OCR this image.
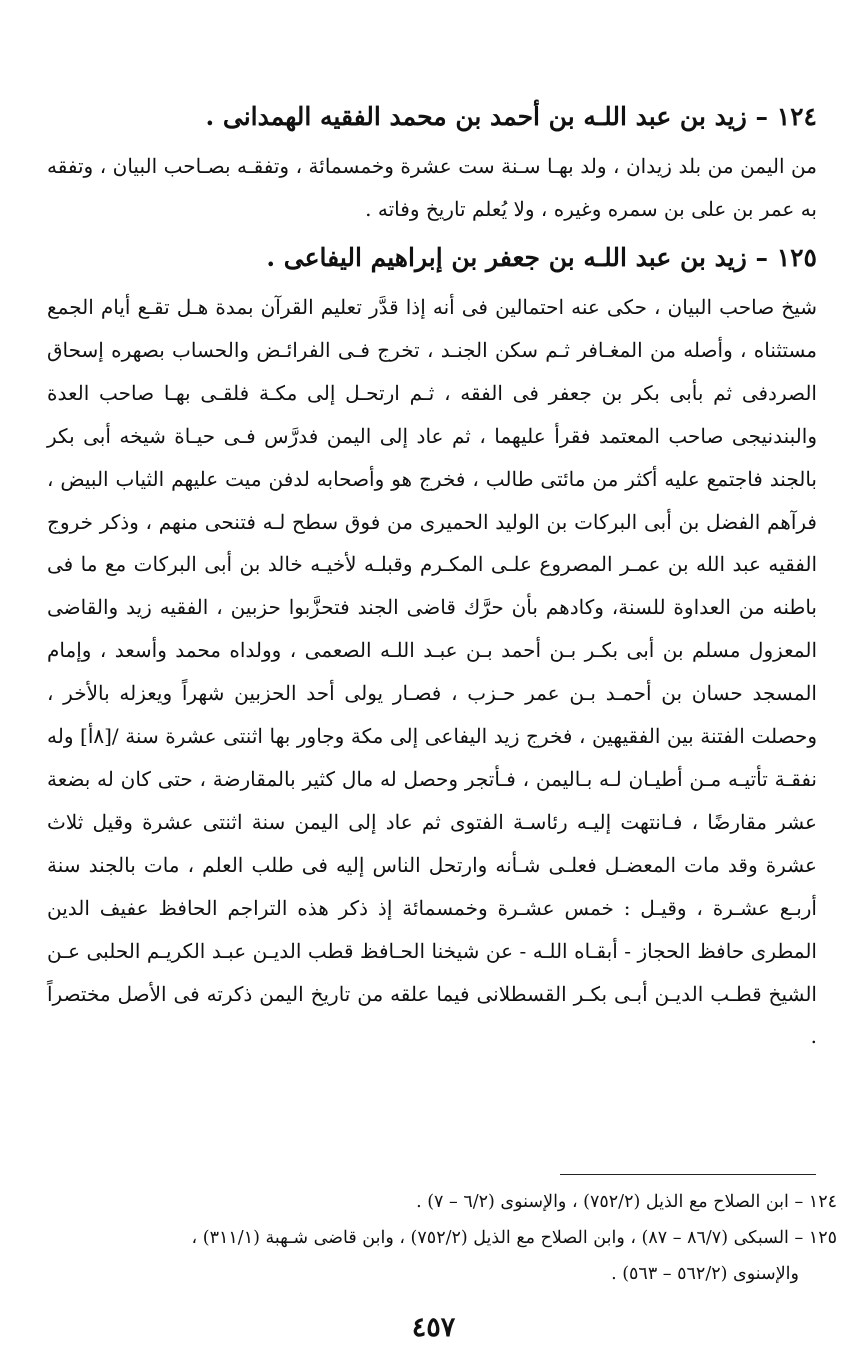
١٢٤ – زيد بن عبد اللـه بن أحمد بن محمد الفقيه الهمدانى .
من اليمن من بلد زيدان ، ولد بهـا سـنة ست عشرة وخمسمائة ، وتفقـه بصـاحب البيان ، وتفقه به عمر بن على بن سمره وغيره ، ولا يُعلم تاريخ وفاته .
١٢٥ – زيد بن عبد اللـه بن جعفر بن إبراهيم اليفاعى .
شيخ صاحب البيان ، حكى عنه احتمالين فى أنه إذا قدَّر تعليم القرآن بمدة هـل تقـع أيام الجمع مستثناه ، وأصله من المغـافر ثـم سكن الجنـد ، تخرج فـى الفرائـض والحساب بصهره إسحاق الصردفى ثم بأبى بكر بن جعفر فى الفقه ، ثـم ارتحـل إلى مكـة فلقـى بهـا صاحب العدة والبندنيجى صاحب المعتمد فقرأ عليهما ، ثم عاد إلى اليمن فدرَّس فـى حيـاة شيخه أبى بكر بالجند فاجتمع عليه أكثر من مائتى طالب ، فخرج هو وأصحابه لدفن ميت عليهم الثياب البيض ، فرآهم الفضل بن أبى البركات بن الوليد الحميرى من فوق سطح لـه فتنحى منهم ، وذكر خروج الفقيه عبد الله بن عمـر المصروع علـى المكـرم وقبلـه لأخيـه خالد بن أبى البركات مع ما فى باطنه من العداوة للسنة، وكادهم بأن حرَّك قاضى الجند فتحزَّبوا حزبين ، الفقيه زيد والقاضى المعزول مسلم بن أبى بكـر بـن أحمد بـن عبـد اللـه الصعمى ، وولداه محمد وأسعد ، وإمام المسجد حسان بن أحمـد بـن عمر حـزب ، فصـار يولى أحد الحزبين شهراً ويعزله بالأخر ، وحصلت الفتنة بين الفقيهين ، فخرج زيد اليفاعى إلى مكة وجاور بها اثنتى عشرة سنة /[٨أ] وله نفقـة تأتيـه مـن أطيـان لـه بـاليمن ، فـأتجر وحصل له مال كثير بالمقارضة ، حتى كان له بضعة عشر مقارضًا ، فـانتهت إليـه رئاسـة الفتوى ثم عاد إلى اليمن سنة اثنتى عشرة وقيل ثلاث عشرة وقد مات المعضـل فعلـى شـأنه وارتحل الناس إليه فى طلب العلم ، مات بالجند سنة أربـع عشـرة ، وقيـل : خمس عشـرة وخمسمائة إذ ذكر هذه التراجم الحافظ عفيف الدين المطرى حافظ الحجاز - أبقـاه اللـه - عن شيخنا الحـافظ قطب الديـن عبـد الكريـم الحلبى عـن الشيخ قطـب الديـن أبـى بكـر القسطلانى فيما علقه من تاريخ اليمن ذكرته فى الأصل مختصراً .

١٢٤ – ابن الصلاح مع الذيل (٧٥٢/٢) ، والإسنوى (٦/٢ – ٧) .

١٢٥ – السبكى (٨٦/٧ – ٨٧) ، وابن الصلاح مع الذيل (٧٥٢/٢) ، وابن قاضى شـهبة (٣١١/١) ،

والإسنوى (٥٦٢/٢ – ٥٦٣) .

٤٥٧
